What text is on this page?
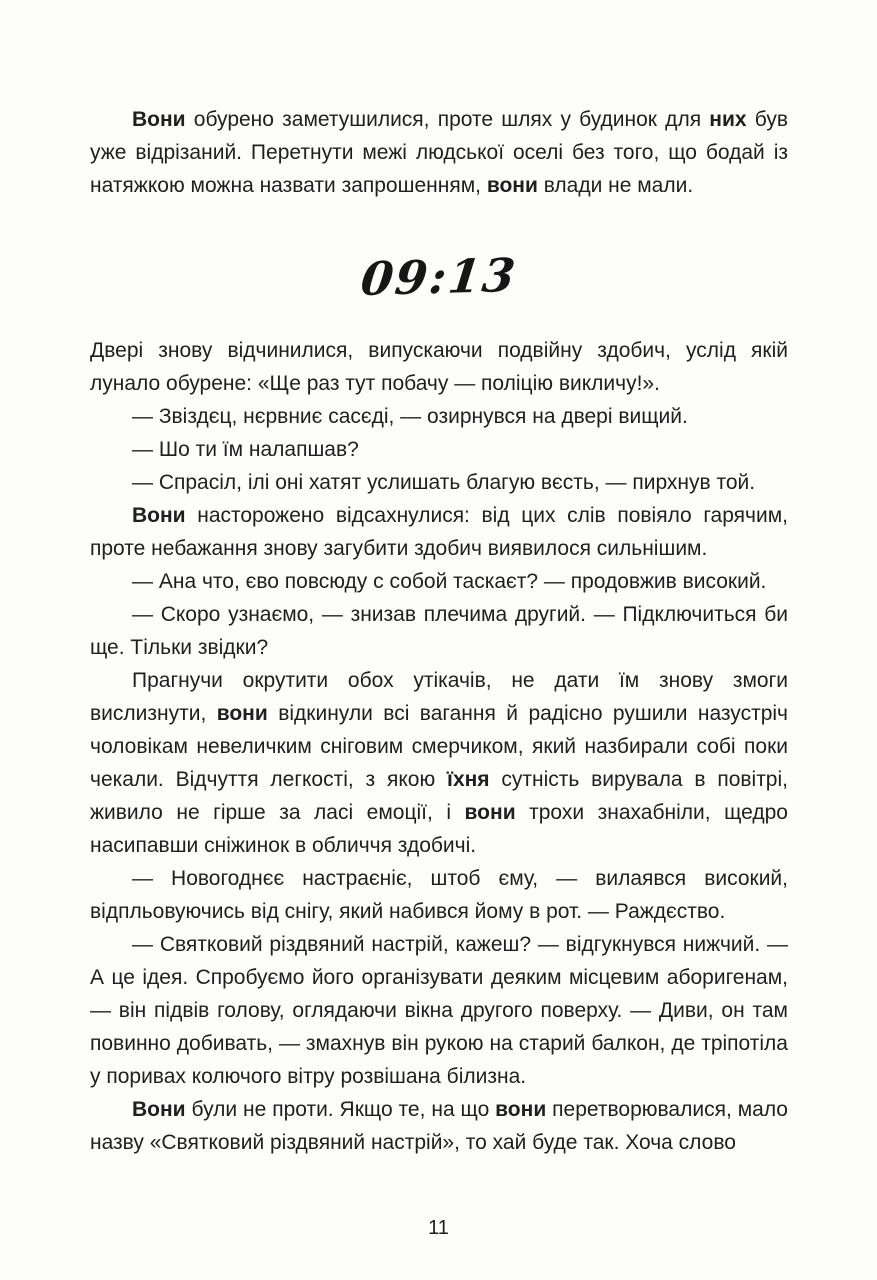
Вони обурено заметушилися, проте шлях у будинок для них був уже відрізаний. Перетнути межі людської оселі без того, що бодай із натяжкою можна назвати запрошенням, вони влади не мали.

09:13

Двері знову відчинилися, випускаючи подвійну здобич, услід якій лунало обурене: «Ще раз тут побачу — поліцію викличу!».

— Звіздєц, нєрвниє сасєді, — озирнувся на двері вищий.

— Шо ти їм налапшав?

— Спрасіл, ілі оні хатят услишать благую вєсть, — пирхнув той.

Вони насторожено відсахнулися: від цих слів повіяло гарячим, проте небажання знову загубити здобич виявилося сильнішим.

— Ана что, єво повсюду с собой таскаєт? — продовжив високий.

— Скоро узнаємо, — знизав плечима другий. — Підключиться би ще. Тільки звідки?

Прагнучи окрутити обох утікачів, не дати їм знову змоги вислизнути, вони відкинули всі вагання й радісно рушили назустріч чоловікам невеличким сніговим смерчиком, який назбирали собі поки чекали. Відчуття легкості, з якою їхня сутність вирувала в повітрі, живило не гірше за ласі емоції, і вони трохи знахабніли, щедро насипавши сніжинок в обличчя здобичі.

— Новогоднєє настраєніє, штоб єму, — вилаявся високий, відпльовуючись від снігу, який набився йому в рот. — Раждєство.

— Святковий різдвяний настрій, кажеш? — відгукнувся нижчий. — А це ідея. Спробуємо його організувати деяким місцевим аборигенам, — він підвів голову, оглядаючи вікна другого поверху. — Диви, он там повинно добивать, — змахнув він рукою на старий балкон, де тріпотіла у поривах колючого вітру розвішана білизна.

Вони були не проти. Якщо те, на що вони перетворювалися, мало назву «Святковий різдвяний настрій», то хай буде так. Хоча слово

11
